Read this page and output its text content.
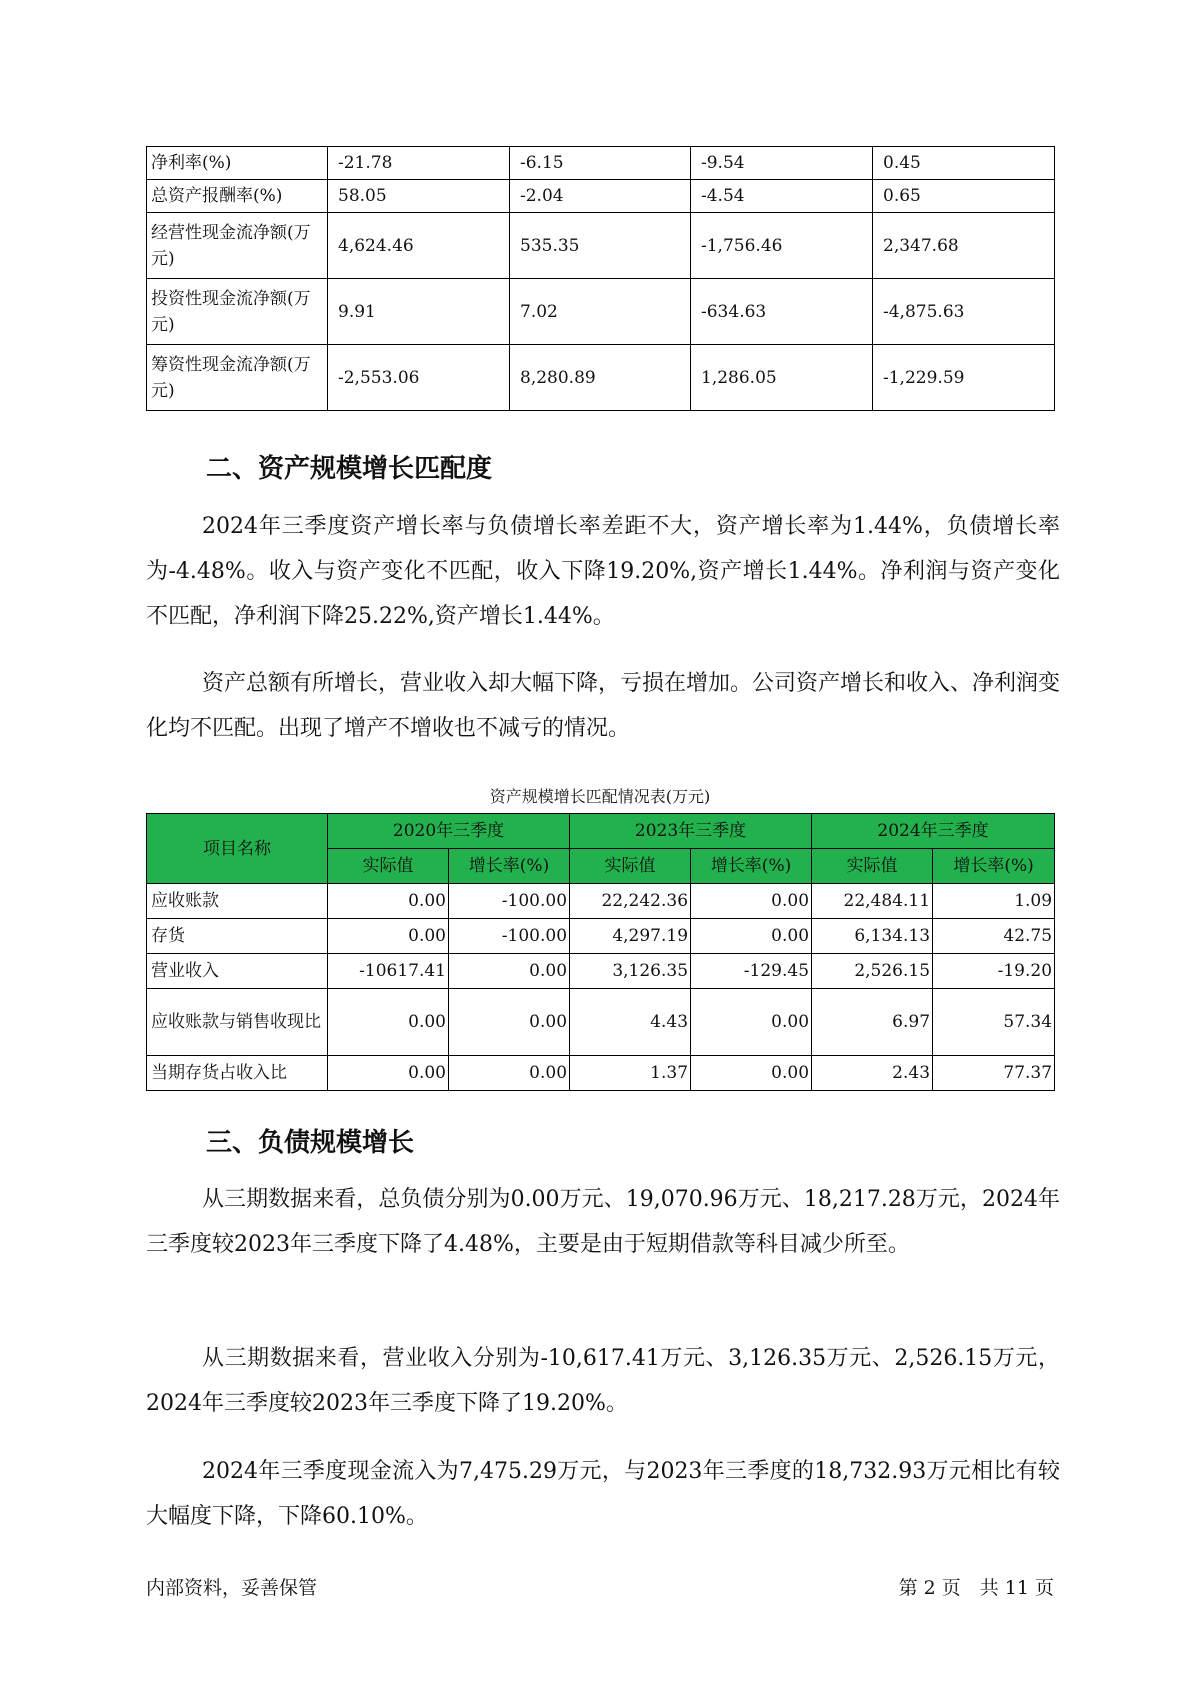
净利率(%)	-21.78	-6.15	-9.54	0.45
总资产报酬率(%)	58.05	-2.04	-4.54	0.65
经营性现金流净额(万元)	4,624.46	535.35	-1,756.46	2,347.68
投资性现金流净额(万元)	9.91	7.02	-634.63	-4,875.63
筹资性现金流净额(万元)	-2,553.06	8,280.89	1,286.05	-1,229.59
二、资产规模增长匹配度

2024年三季度资产增长率与负债增长率差距不大，资产增长率为1.44%，负债增长率为-4.48%。收入与资产变化不匹配，收入下降19.20%,资产增长1.44%。净利润与资产变化不匹配，净利润下降25.22%,资产增长1.44%。

资产总额有所增长，营业收入却大幅下降，亏损在增加。公司资产增长和收入、净利润变化均不匹配。出现了增产不增收也不减亏的情况。

资产规模增长匹配情况表(万元)
项目名称	2020年三季度		2023年三季度		2024年三季度	
	实际值	增长率(%)	实际值	增长率(%)	实际值	增长率(%)
应收账款	0.00	-100.00	22,242.36	0.00	22,484.11	1.09
存货	0.00	-100.00	4,297.19	0.00	6,134.13	42.75
营业收入	-10617.41	0.00	3,126.35	-129.45	2,526.15	-19.20
应收账款与销售收现比	0.00	0.00	4.43	0.00	6.97	57.34
当期存货占收入比	0.00	0.00	1.37	0.00	2.43	77.37
三、负债规模增长

从三期数据来看，总负债分别为0.00万元、19,070.96万元、18,217.28万元，2024年三季度较2023年三季度下降了4.48%，主要是由于短期借款等科目减少所至。

从三期数据来看，营业收入分别为-10,617.41万元、3,126.35万元、2,526.15万元，2024年三季度较2023年三季度下降了19.20%。

2024年三季度现金流入为7,475.29万元，与2023年三季度的18,732.93万元相比有较大幅度下降，下降60.10%。

内部资料，妥善保管	第 2 页　共 11 页
